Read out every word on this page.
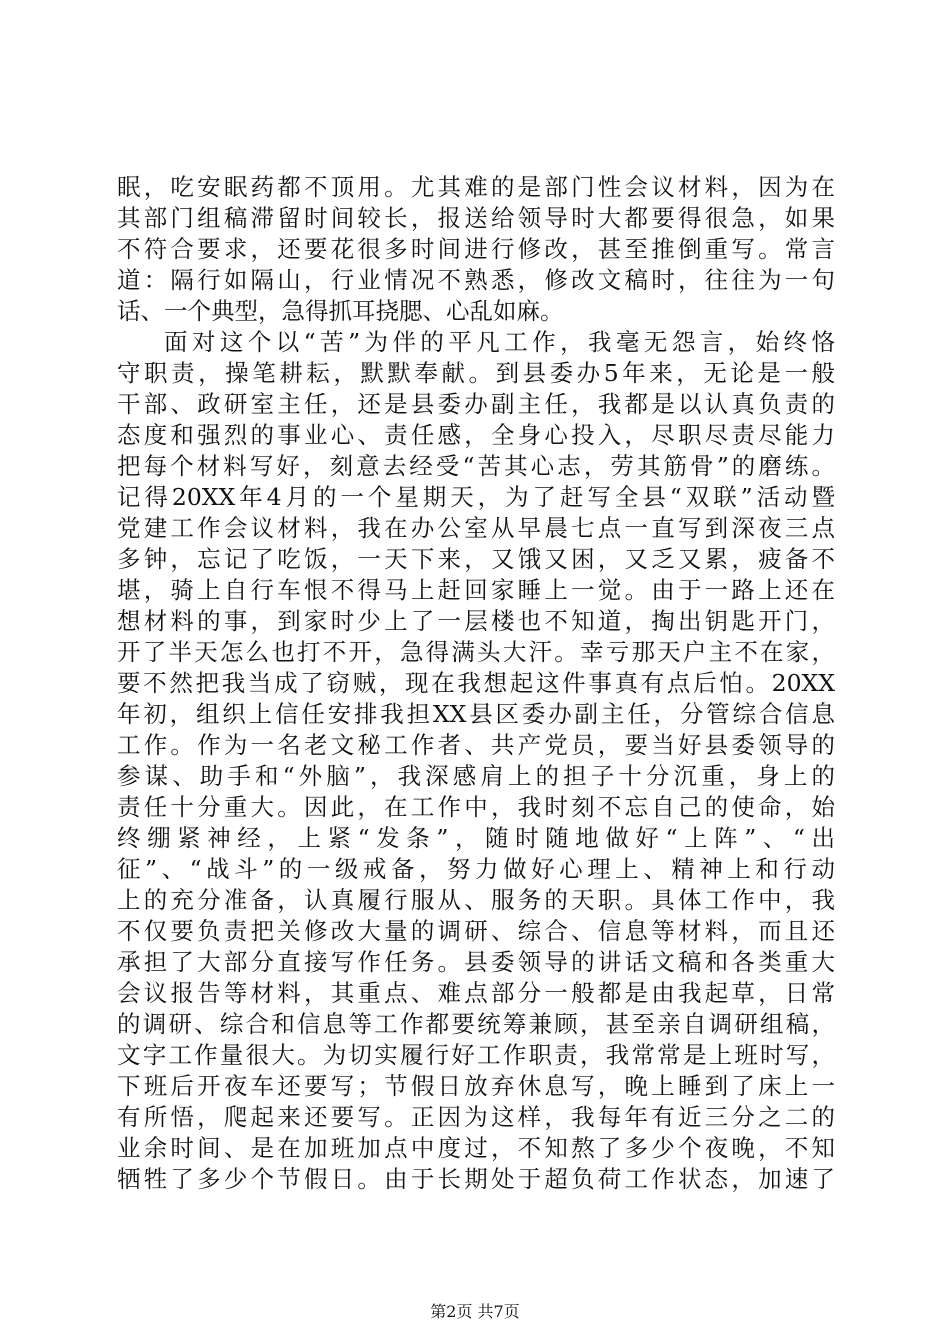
眠，吃安眠药都不顶用。尤其难的是部门性会议材料，因为在
其部门组稿滞留时间较长，报送给领导时大都要得很急，如果
不符合要求，还要花很多时间进行修改，甚至推倒重写。常言
道：隔行如隔山，行业情况不熟悉，修改文稿时，往往为一句
话、一个典型，急得抓耳挠腮、心乱如麻。
面对这个以“苦”为伴的平凡工作，我毫无怨言，始终恪
守职责，操笔耕耘，默默奉献。到县委办5年来，无论是一般
干部、政研室主任，还是县委办副主任，我都是以认真负责的
态度和强烈的事业心、责任感，全身心投入，尽职尽责尽能力
把每个材料写好，刻意去经受“苦其心志，劳其筋骨”的磨练。
记得20XX年4月的一个星期天，为了赶写全县“双联”活动暨
党建工作会议材料，我在办公室从早晨七点一直写到深夜三点
多钟，忘记了吃饭，一天下来，又饿又困，又乏又累，疲备不
堪，骑上自行车恨不得马上赶回家睡上一觉。由于一路上还在
想材料的事，到家时少上了一层楼也不知道，掏出钥匙开门，
开了半天怎么也打不开，急得满头大汗。幸亏那天户主不在家，
要不然把我当成了窃贼，现在我想起这件事真有点后怕。20XX
年初，组织上信任安排我担XX县区委办副主任，分管综合信息
工作。作为一名老文秘工作者、共产党员，要当好县委领导的
参谋、助手和“外脑”，我深感肩上的担子十分沉重，身上的
责任十分重大。因此，在工作中，我时刻不忘自己的使命，始
终绷紧神经，上紧“发条”，随时随地做好“上阵”、“出
征”、“战斗”的一级戒备，努力做好心理上、精神上和行动
上的充分准备，认真履行服从、服务的天职。具体工作中，我
不仅要负责把关修改大量的调研、综合、信息等材料，而且还
承担了大部分直接写作任务。县委领导的讲话文稿和各类重大
会议报告等材料，其重点、难点部分一般都是由我起草，日常
的调研、综合和信息等工作都要统筹兼顾，甚至亲自调研组稿，
文字工作量很大。为切实履行好工作职责，我常常是上班时写，
下班后开夜车还要写；节假日放弃休息写，晚上睡到了床上一
有所悟，爬起来还要写。正因为这样，我每年有近三分之二的
业余时间、是在加班加点中度过，不知熬了多少个夜晚，不知
牺牲了多少个节假日。由于长期处于超负荷工作状态，加速了
第2页 共7页
